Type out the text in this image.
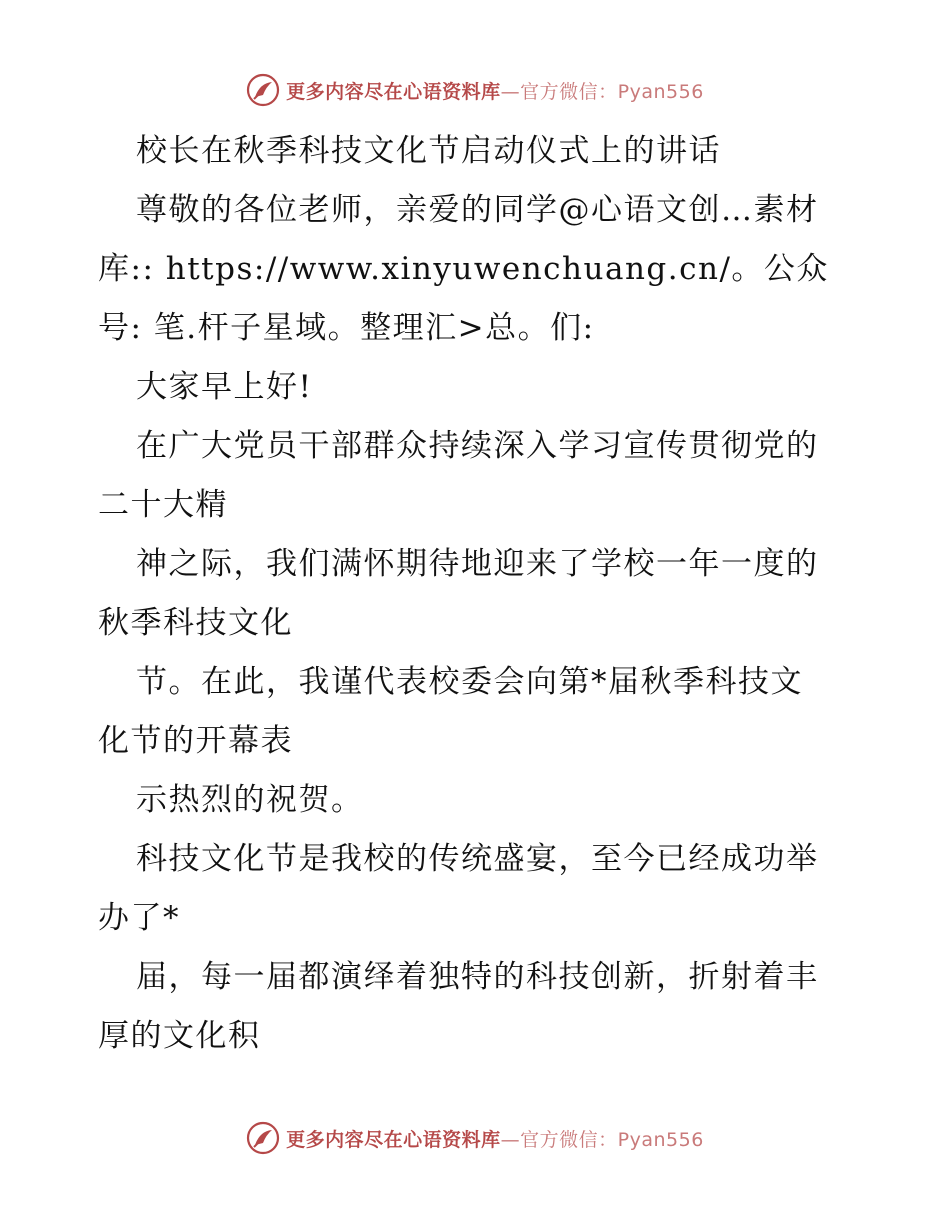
更多内容尽在心语资料库—官方微信：Pyan556
校长在秋季科技文化节启动仪式上的讲话
尊敬的各位老师，亲爱的同学@心语文创…素材
库:: https://www.xinyuwenchuang.cn/。公众
号: 笔.杆子星域。整理汇>总。们:
大家早上好!
在广大党员干部群众持续深入学习宣传贯彻党的
二十大精
神之际，我们满怀期待地迎来了学校一年一度的
秋季科技文化
节。在此，我谨代表校委会向第*届秋季科技文
化节的开幕表
示热烈的祝贺。
科技文化节是我校的传统盛宴，至今已经成功举
办了*
届，每一届都演绎着独特的科技创新，折射着丰
厚的文化积
更多内容尽在心语资料库—官方微信：Pyan556
